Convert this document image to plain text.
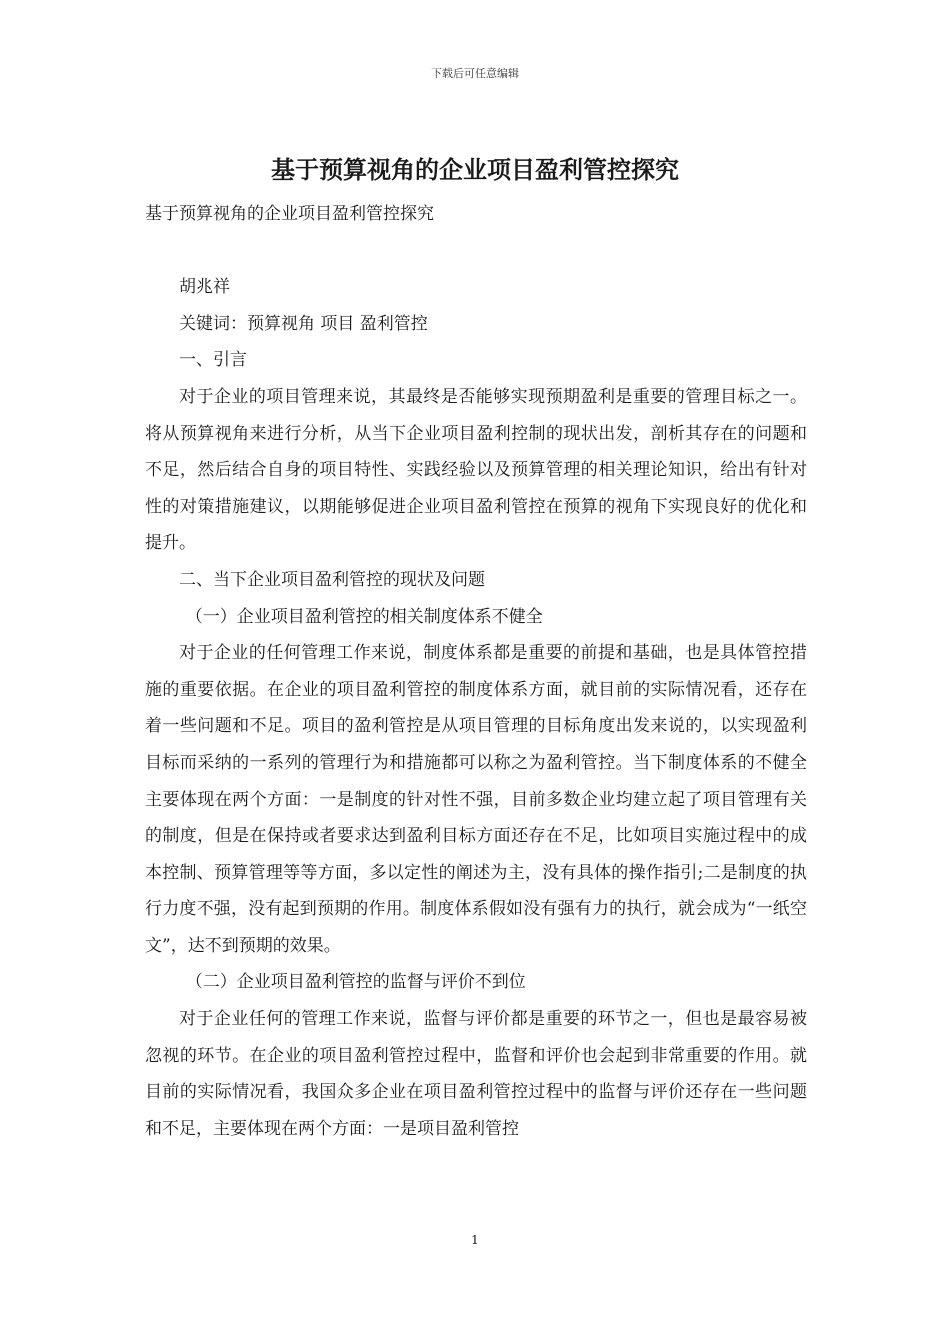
下载后可任意编辑
基于预算视角的企业项目盈利管控探究

基于预算视角的企业项目盈利管控探究

胡兆祥

关键词：预算视角 项目 盈利管控

一、引言

对于企业的项目管理来说，其最终是否能够实现预期盈利是重要的管理目标之一。将从预算视角来进行分析，从当下企业项目盈利控制的现状出发，剖析其存在的问题和不足，然后结合自身的项目特性、实践经验以及预算管理的相关理论知识，给出有针对性的对策措施建议，以期能够促进企业项目盈利管控在预算的视角下实现良好的优化和提升。

二、当下企业项目盈利管控的现状及问题

（一）企业项目盈利管控的相关制度体系不健全

对于企业的任何管理工作来说，制度体系都是重要的前提和基础，也是具体管控措施的重要依据。在企业的项目盈利管控的制度体系方面，就目前的实际情况看，还存在着一些问题和不足。项目的盈利管控是从项目管理的目标角度出发来说的，以实现盈利目标而采纳的一系列的管理行为和措施都可以称之为盈利管控。当下制度体系的不健全主要体现在两个方面：一是制度的针对性不强，目前多数企业均建立起了项目管理有关的制度，但是在保持或者要求达到盈利目标方面还存在不足，比如项目实施过程中的成本控制、预算管理等等方面，多以定性的阐述为主，没有具体的操作指引;二是制度的执行力度不强，没有起到预期的作用。制度体系假如没有强有力的执行，就会成为“一纸空文”，达不到预期的效果。

（二）企业项目盈利管控的监督与评价不到位

对于企业任何的管理工作来说，监督与评价都是重要的环节之一，但也是最容易被忽视的环节。在企业的项目盈利管控过程中，监督和评价也会起到非常重要的作用。就目前的实际情况看，我国众多企业在项目盈利管控过程中的监督与评价还存在一些问题和不足，主要体现在两个方面：一是项目盈利管控

1
